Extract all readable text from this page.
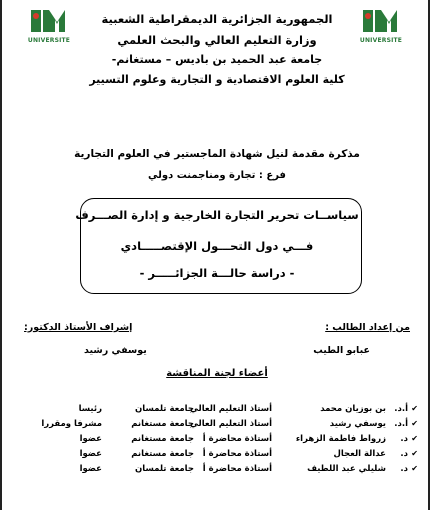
UNIVERSITE
	UNIVERSITE

الجمهورية الجزائرية الديمقراطية الشعبية
وزارة التعليم العالي والبحث العلمي
جامعة عبد الحميد بن باديس – مستغانم-
كلية العلوم الاقتصادية و التجارية وعلوم التسيير
مذكرة مقدمة لنيل شهادة الماجستير في العلوم التجارية
فرع : تجارة ومناجمنت دولي
سياســات تحرير التجارة الخارجية و إدارة الصـــرف
فـــي دول التحـــول الإقتصـــــادي
- دراسة حالـــة الجزائـــــر -
من إعداد الطالب :
إشراف الأستاذ الدكتور:
عبابو الطيب
يوسفي رشيد
أعضاء لجنة المناقشة
✔
أ.د.
بن بوزيان محمد
أستاذ التعليم العالي
جامعة تلمسان
رئيسا
✔
أ.د.
يوسفي رشيد
أستاذ التعليم العالي
جامعة مستغانم
مشرفا ومقررا
✔
د.
زرواط فاطمة الزهراء
أستاذة محاضرة أ
جامعة مستغانم
عضوا
✔
د.
عدالة العجال
أستاذة محاضرة أ
جامعة مستغانم
عضوا
✔
د.
شليلي عبد اللطيف
أستاذة محاضرة أ
جامعة تلمسان
عضوا
